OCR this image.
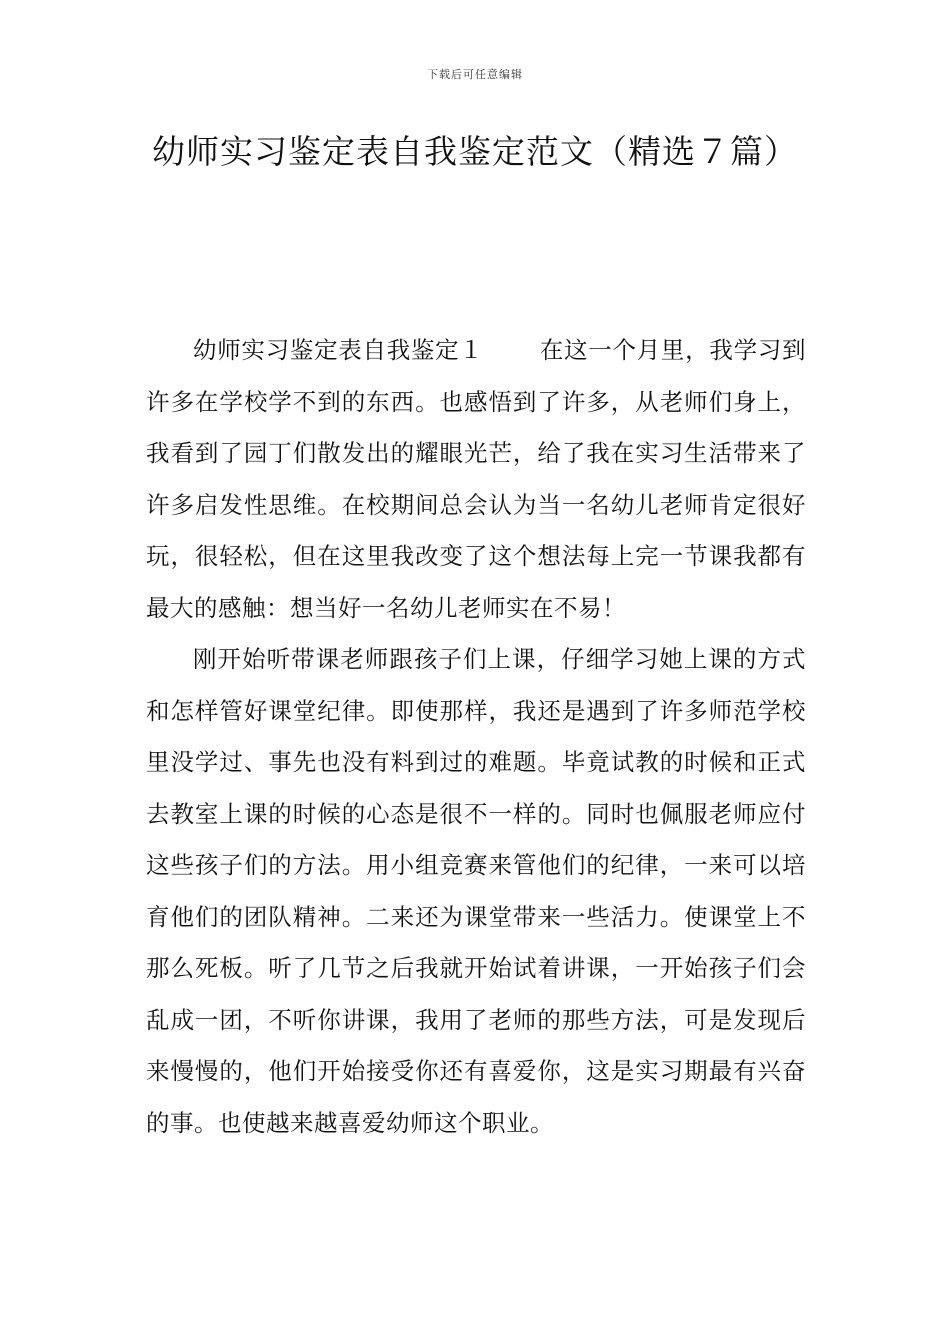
下载后可任意编辑
幼师实习鉴定表自我鉴定范文（精选７篇）

幼师实习鉴定表自我鉴定１ 在这一个月里，我学习到许多在学校学不到的东西。也感悟到了许多，从老师们身上，我看到了园丁们散发出的耀眼光芒，给了我在实习生活带来了许多启发性思维。在校期间总会认为当一名幼儿老师肯定很好玩，很轻松，但在这里我改变了这个想法每上完一节课我都有最大的感触：想当好一名幼儿老师实在不易！

刚开始听带课老师跟孩子们上课，仔细学习她上课的方式和怎样管好课堂纪律。即使那样，我还是遇到了许多师范学校里没学过、事先也没有料到过的难题。毕竟试教的时候和正式去教室上课的时候的心态是很不一样的。同时也佩服老师应付这些孩子们的方法。用小组竞赛来管他们的纪律，一来可以培育他们的团队精神。二来还为课堂带来一些活力。使课堂上不那么死板。听了几节之后我就开始试着讲课，一开始孩子们会乱成一团，不听你讲课，我用了老师的那些方法，可是发现后来慢慢的，他们开始接受你还有喜爱你，这是实习期最有兴奋的事。也使越来越喜爱幼师这个职业。
